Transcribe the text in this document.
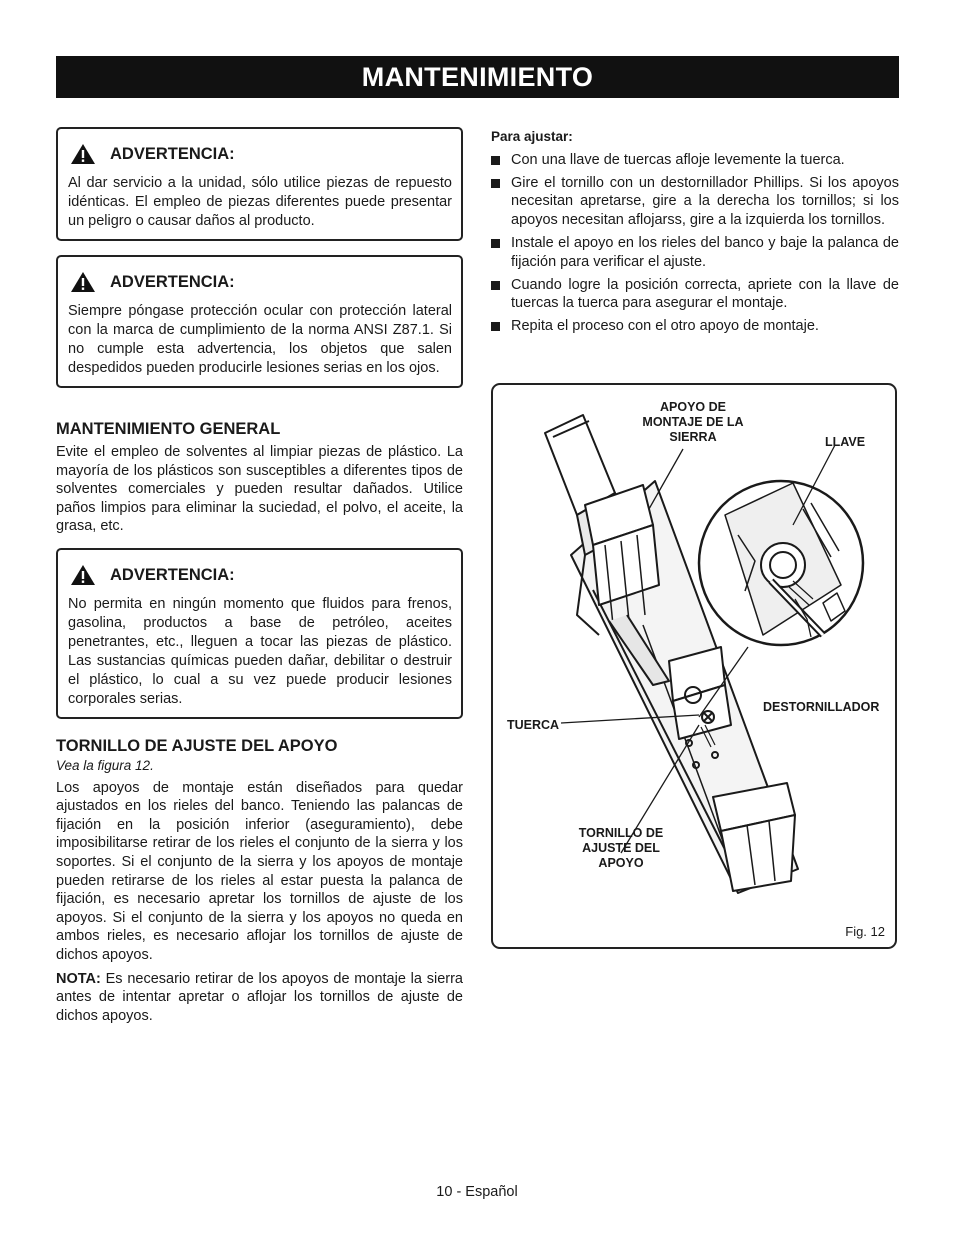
MANTENIMIENTO
ADVERTENCIA:

Al dar servicio a la unidad, sólo utilice piezas de repuesto idénticas. El empleo de piezas diferentes puede presentar un peligro o causar daños al producto.

ADVERTENCIA:

Siempre póngase protección ocular con protección lateral con la marca de cumplimiento de la norma ANSI Z87.1. Si no cumple esta advertencia, los objetos que salen despedidos pueden producirle lesiones serias en los ojos.

MANTENIMIENTO GENERAL

Evite el empleo de solventes al limpiar piezas de plástico. La mayoría de los plásticos son susceptibles a diferentes tipos de solventes comerciales y pueden resultar dañados. Utilice paños limpios para eliminar la suciedad, el polvo, el aceite, la grasa, etc.

ADVERTENCIA:

No permita en ningún momento que fluidos para frenos, gasolina, productos a base de petróleo, aceites penetrantes, etc., lleguen a tocar las piezas de plástico. Las sustancias químicas pueden dañar, debilitar o destruir el plástico, lo cual a su vez puede producir lesiones corporales serias.

TORNILLO DE AJUSTE DEL APOYO

Vea la figura 12.

Los apoyos de montaje están diseñados para quedar ajustados en los rieles del banco. Teniendo las palancas de fijación en la posición inferior (aseguramiento), debe imposibilitarse retirar de los rieles el conjunto de la sierra y los soportes. Si el conjunto de la sierra y los apoyos de montaje pueden retirarse de los rieles al estar puesta la palanca de fijación, es necesario apretar los tornillos de ajuste de los apoyos. Si el conjunto de la sierra y los apoyos no queda en ambos rieles, es necesario aflojar los tornillos de ajuste de dichos apoyos.

NOTA: Es necesario retirar de los apoyos de montaje la sierra antes de intentar apretar o aflojar los tornillos de ajuste de dichos apoyos.

Para ajustar:
Con una llave de tuercas afloje levemente la tuerca.
Gire el tornillo con un destornillador Phillips. Si los apoyos necesitan apretarse, gire a la derecha los tornillos; si los apoyos necesitan aflojarss, gire a la izquierda los tornillos.
Instale el apoyo en los rieles del banco y baje la palanca de fijación para verificar el ajuste.
Cuando logre la posición correcta, apriete con la llave de tuercas la tuerca para asegurar el montaje.
Repita el proceso con el otro apoyo de montaje.
APOYO DE MONTAJE DE LA SIERRA	LLAVE
DESTORNILLADOR
TUERCA
TORNILLO DE AJUSTE DEL APOYO
Fig. 12
10 - Español
